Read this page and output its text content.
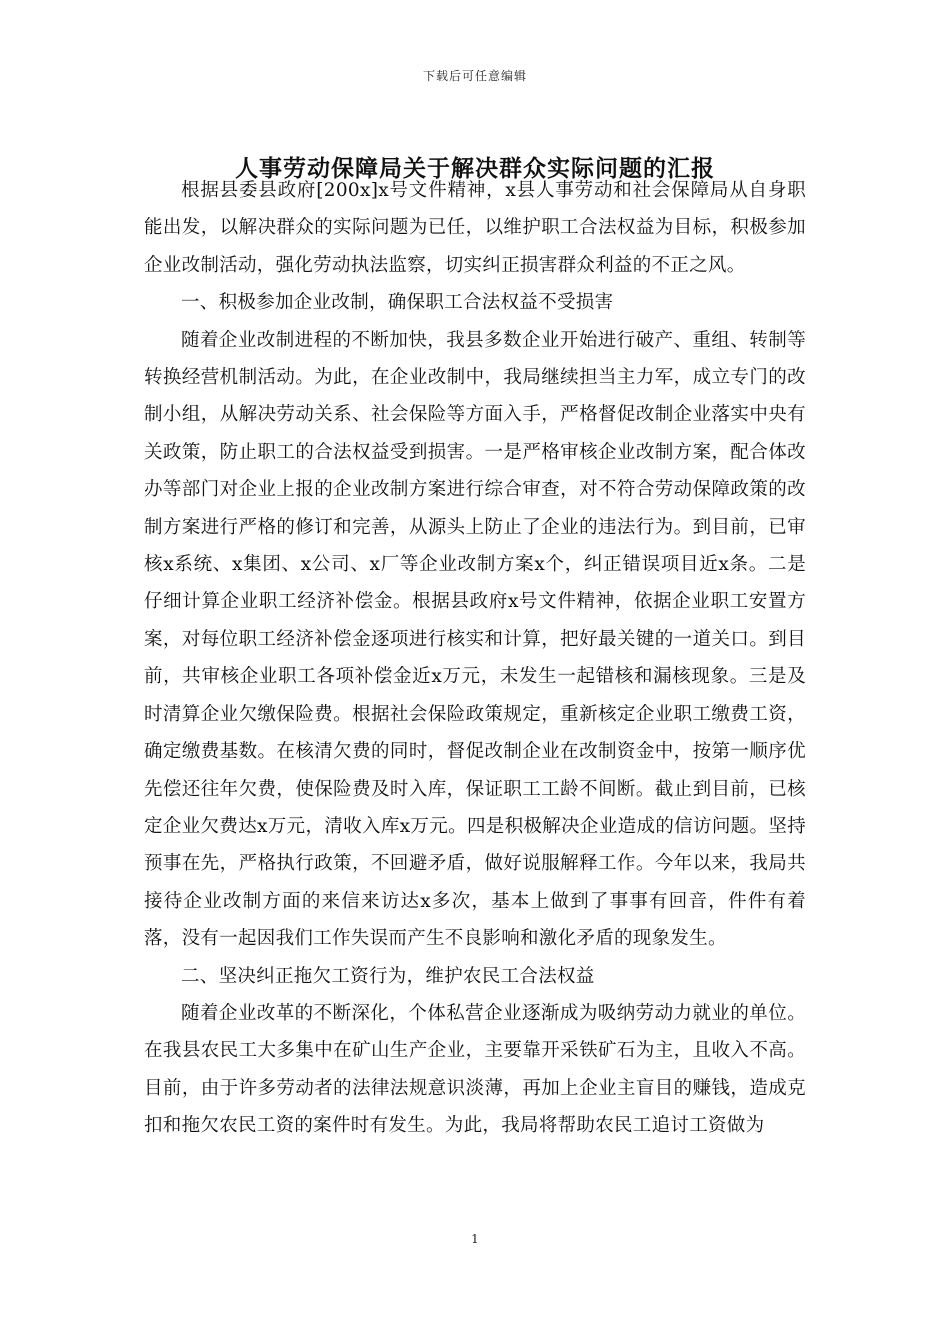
下载后可任意编辑
人事劳动保障局关于解决群众实际问题的汇报

根据县委县政府[200x]x号文件精神，x县人事劳动和社会保障局从自身职能出发，以解决群众的实际问题为已任，以维护职工合法权益为目标，积极参加企业改制活动，强化劳动执法监察，切实纠正损害群众利益的不正之风。

一、积极参加企业改制，确保职工合法权益不受损害

随着企业改制进程的不断加快，我县多数企业开始进行破产、重组、转制等转换经营机制活动。为此，在企业改制中，我局继续担当主力军，成立专门的改制小组，从解决劳动关系、社会保险等方面入手，严格督促改制企业落实中央有关政策，防止职工的合法权益受到损害。一是严格审核企业改制方案，配合体改办等部门对企业上报的企业改制方案进行综合审查，对不符合劳动保障政策的改制方案进行严格的修订和完善，从源头上防止了企业的违法行为。到目前，已审核x系统、x集团、x公司、x厂等企业改制方案x个，纠正错误项目近x条。二是仔细计算企业职工经济补偿金。根据县政府x号文件精神，依据企业职工安置方案，对每位职工经济补偿金逐项进行核实和计算，把好最关键的一道关口。到目前，共审核企业职工各项补偿金近x万元，未发生一起错核和漏核现象。三是及时清算企业欠缴保险费。根据社会保险政策规定，重新核定企业职工缴费工资，确定缴费基数。在核清欠费的同时，督促改制企业在改制资金中，按第一顺序优先偿还往年欠费，使保险费及时入库，保证职工工龄不间断。截止到目前，已核定企业欠费达x万元，清收入库x万元。四是积极解决企业造成的信访问题。坚持预事在先，严格执行政策，不回避矛盾，做好说服解释工作。今年以来，我局共接待企业改制方面的来信来访达x多次，基本上做到了事事有回音，件件有着落，没有一起因我们工作失误而产生不良影响和激化矛盾的现象发生。

二、坚决纠正拖欠工资行为，维护农民工合法权益

随着企业改革的不断深化，个体私营企业逐渐成为吸纳劳动力就业的单位。在我县农民工大多集中在矿山生产企业，主要靠开采铁矿石为主，且收入不高。目前，由于许多劳动者的法律法规意识淡薄，再加上企业主盲目的赚钱，造成克扣和拖欠农民工资的案件时有发生。为此，我局将帮助农民工追讨工资做为

1
